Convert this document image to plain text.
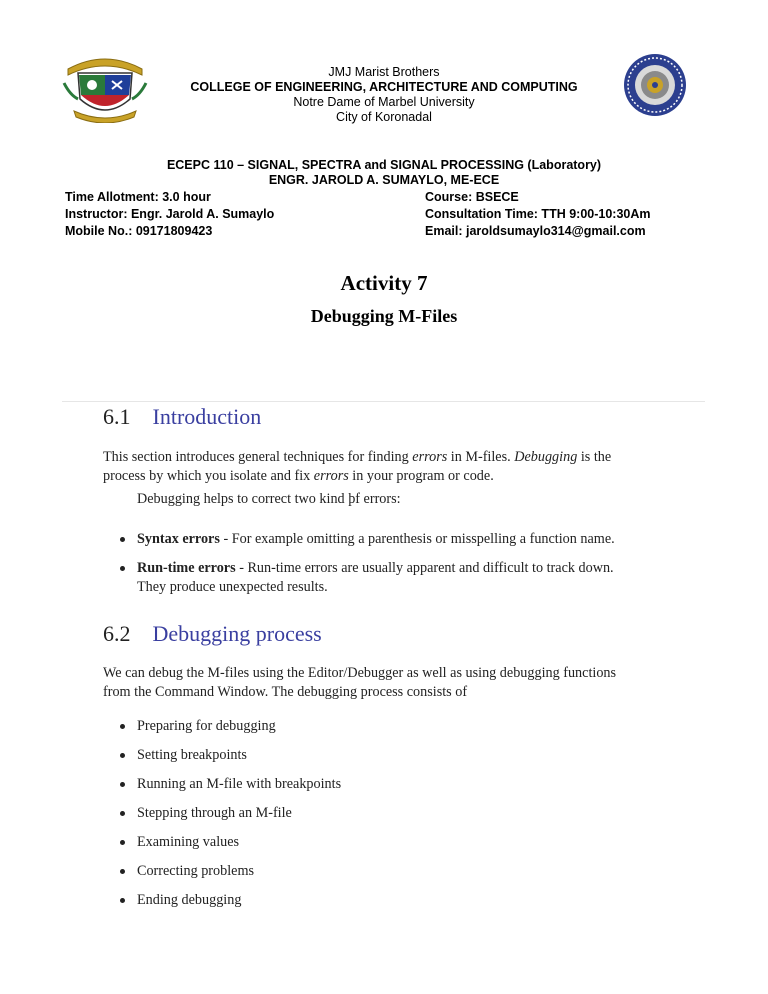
JMJ Marist Brothers
COLLEGE OF ENGINEERING, ARCHITECTURE AND COMPUTING
Notre Dame of Marbel University
City of Koronadal
ECEPC 110 – SIGNAL, SPECTRA and SIGNAL PROCESSING (Laboratory)
ENGR. JAROLD A. SUMAYLO, ME-ECE
Time Allotment: 3.0 hour
Instructor: Engr. Jarold A. Sumaylo
Mobile No.: 09171809423
Course: BSECE
Consultation Time: TTH 9:00-10:30Am
Email: jaroldsumaylo314@gmail.com
Activity 7
Debugging M-Files
6.1 Introduction
This section introduces general techniques for finding errors in M-files. Debugging is the
process by which you isolate and fix errors in your program or code.
Debugging helps to correct two kind þf errors:
Syntax errors - For example omitting a parenthesis or misspelling a function name.
Run-time errors - Run-time errors are usually apparent and difficult to track down.
They produce unexpected results.
6.2 Debugging process
We can debug the M-files using the Editor/Debugger as well as using debugging functions
from the Command Window. The debugging process consists of
Preparing for debugging
Setting breakpoints
Running an M-file with breakpoints
Stepping through an M-file
Examining values
Correcting problems
Ending debugging
